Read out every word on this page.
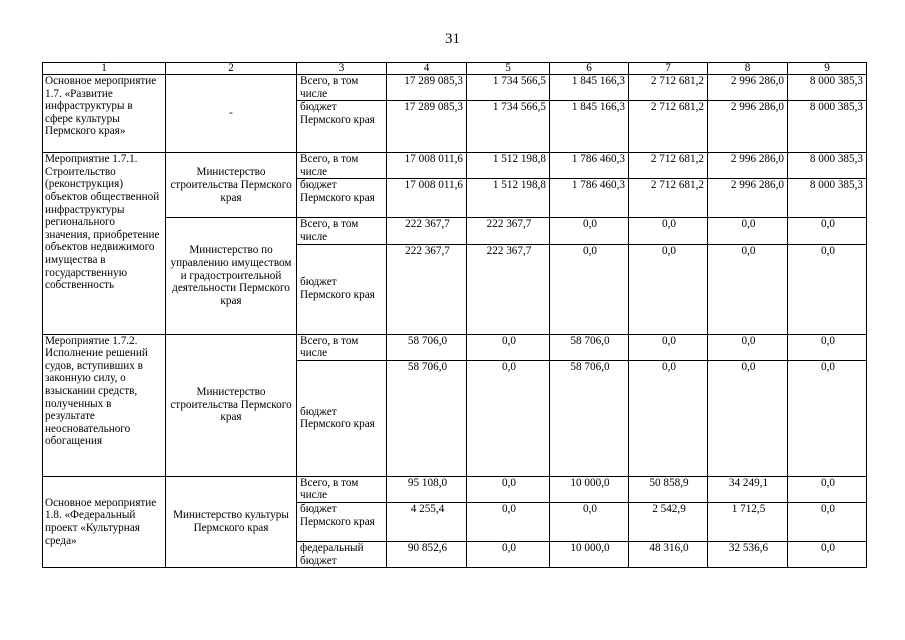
31
1	2	3	4	5	6	7	8	9
Основное мероприятие 1.7. «Развитие инфраструктуры в сфере культуры Пермского края»	-	Всего, в том числе	17 289 085,3	1 734 566,5	1 845 166,3	2 712 681,2	2 996 286,0	8 000 385,3
		бюджет Пермского края	17 289 085,3	1 734 566,5	1 845 166,3	2 712 681,2	2 996 286,0	8 000 385,3
Мероприятие 1.7.1. Строительство (реконструкция) объектов общественной инфраструктуры регионального значения, приобретение объектов недвижимого имущества в государственную собственность	Министерство строительства Пермского края	Всего, в том числе	17 008 011,6	1 512 198,8	1 786 460,3	2 712 681,2	2 996 286,0	8 000 385,3
		бюджет Пермского края	17 008 011,6	1 512 198,8	1 786 460,3	2 712 681,2	2 996 286,0	8 000 385,3
	Министерство по управлению имуществом и градостроительной деятельности Пермского края	Всего, в том числе	222 367,7	222 367,7	0,0	0,0	0,0	0,0
		бюджет Пермского края	222 367,7	222 367,7	0,0	0,0	0,0	0,0
Мероприятие 1.7.2. Исполнение решений судов, вступивших в законную силу, о взыскании средств, полученных в результате неосновательного обогащения	Министерство строительства Пермского края	Всего, в том числе	58 706,0	0,0	58 706,0	0,0	0,0	0,0
		бюджет Пермского края	58 706,0	0,0	58 706,0	0,0	0,0	0,0
Основное мероприятие 1.8. «Федеральный проект «Культурная среда»	Министерство культуры Пермского края	Всего, в том числе	95 108,0	0,0	10 000,0	50 858,9	34 249,1	0,0
		бюджет Пермского края	4 255,4	0,0	0,0	2 542,9	1 712,5	0,0
		федеральный бюджет	90 852,6	0,0	10 000,0	48 316,0	32 536,6	0,0
